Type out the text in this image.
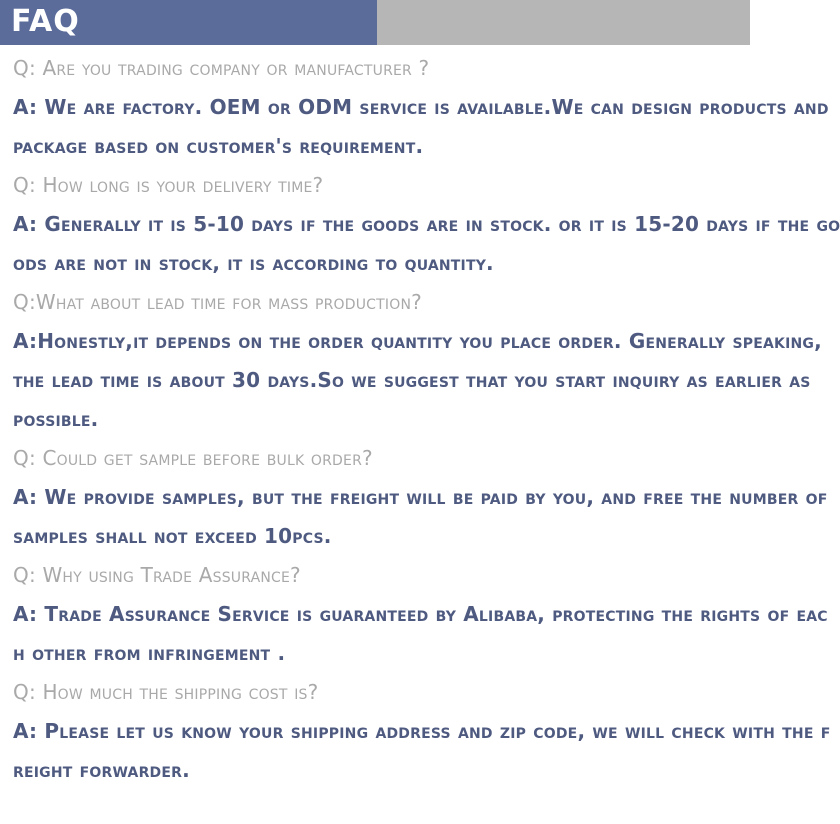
FAQ
Q: Are you trading company or manufacturer ?
A: We are factory. OEM or ODM service is available.We can design products and
package based on customer's requirement.
Q: How long is your delivery time?
A: Generally it is 5-10 days if the goods are in stock. or it is 15-20 days if the go
ods are not in stock, it is according to quantity.
Q:What about lead time for mass production?
A:Honestly,it depends on the order quantity you place order. Generally speaking,
the lead time is about 30 days.So we suggest that you start inquiry as earlier as
possible.
Q: Could get sample before bulk order?
A: We provide samples, but the freight will be paid by you, and free the number of
samples shall not exceed 10pcs.
Q: Why using Trade Assurance?
A: Trade Assurance Service is guaranteed by Alibaba, protecting the rights of eac
h other from infringement .
Q: How much the shipping cost is?
A: Please let us know your shipping address and zip code, we will check with the f
reight forwarder.
